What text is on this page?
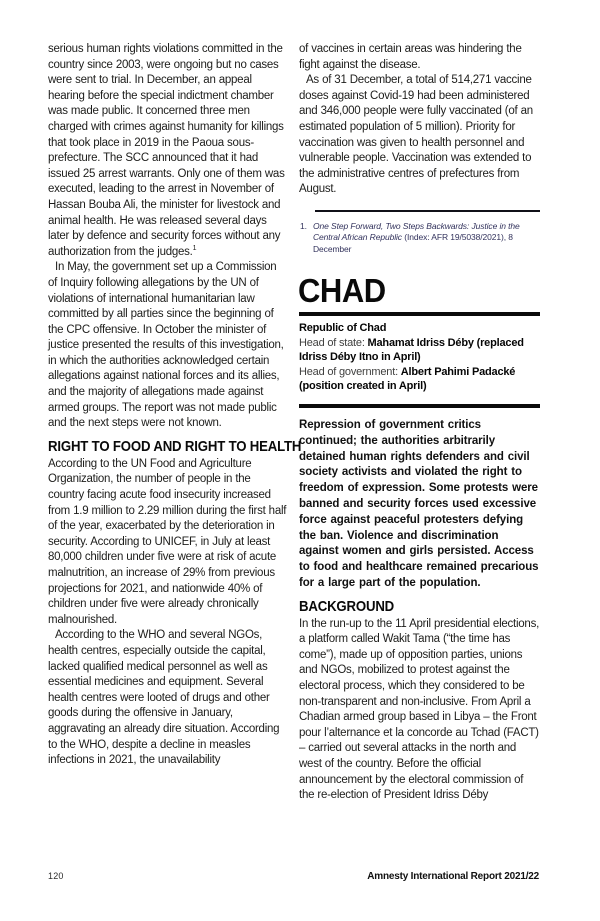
serious human rights violations committed in the country since 2003, were ongoing but no cases were sent to trial. In December, an appeal hearing before the special indictment chamber was made public. It concerned three men charged with crimes against humanity for killings that took place in 2019 in the Paoua sous-prefecture. The SCC announced that it had issued 25 arrest warrants. Only one of them was executed, leading to the arrest in November of Hassan Bouba Ali, the minister for livestock and animal health. He was released several days later by defence and security forces without any authorization from the judges.$^1$

In May, the government set up a Commission of Inquiry following allegations by the UN of violations of international humanitarian law committed by all parties since the beginning of the CPC offensive. In October the minister of justice presented the results of this investigation, in which the authorities acknowledged certain allegations against national forces and its allies, and the majority of allegations made against armed groups. The report was not made public and the next steps were not known.

RIGHT TO FOOD AND RIGHT TO HEALTH

According to the UN Food and Agriculture Organization, the number of people in the country facing acute food insecurity increased from 1.9 million to 2.29 million during the first half of the year, exacerbated by the deterioration in security. According to UNICEF, in July at least 80,000 children under five were at risk of acute malnutrition, an increase of 29% from previous projections for 2021, and nationwide 40% of children under five were already chronically malnourished.

According to the WHO and several NGOs, health centres, especially outside the capital, lacked qualified medical personnel as well as essential medicines and equipment. Several health centres were looted of drugs and other goods during the offensive in January, aggravating an already dire situation. According to the WHO, despite a decline in measles infections in 2021, the unavailability

of vaccines in certain areas was hindering the fight against the disease.

As of 31 December, a total of 514,271 vaccine doses against Covid-19 had been administered and 346,000 people were fully vaccinated (of an estimated population of 5 million). Priority for vaccination was given to health personnel and vulnerable people. Vaccination was extended to the administrative centres of prefectures from August.

1. One Step Forward, Two Steps Backwards: Justice in the Central African Republic (Index: AFR 19/5038/2021), 8 December
CHAD

Republic of Chad

Head of state: Mahamat Idriss Déby (replaced Idriss Déby Itno in April)

Head of government: Albert Pahimi Padacké (position created in April)

Repression of government critics continued; the authorities arbitrarily detained human rights defenders and civil society activists and violated the right to freedom of expression. Some protests were banned and security forces used excessive force against peaceful protesters defying the ban. Violence and discrimination against women and girls persisted. Access to food and healthcare remained precarious for a large part of the population.

BACKGROUND

In the run-up to the 11 April presidential elections, a platform called Wakit Tama (“the time has come”), made up of opposition parties, unions and NGOs, mobilized to protest against the electoral process, which they considered to be non-transparent and non-inclusive. From April a Chadian armed group based in Libya – the Front pour l’alternance et la concorde au Tchad (FACT) – carried out several attacks in the north and west of the country. Before the official announcement by the electoral commission of the re-election of President Idriss Déby

120	Amnesty International Report 2021/22
